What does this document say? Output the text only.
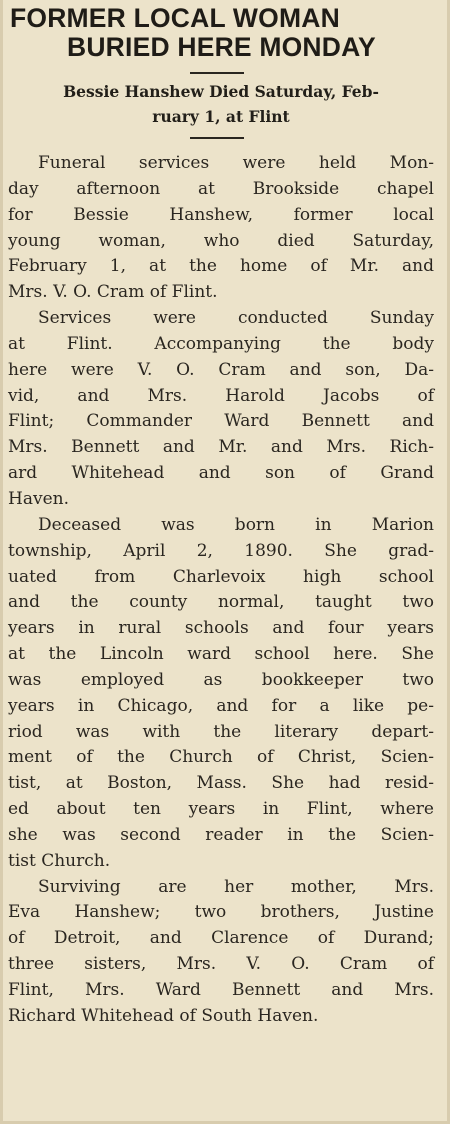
FORMER LOCAL WOMAN
BURIED HERE MONDAY
Bessie Hanshew Died Saturday, Feb-
ruary 1, at Flint
Funeral services were held Mon-
day afternoon at Brookside chapel
for Bessie Hanshew, former local
young woman, who died Saturday,
February 1, at the home of Mr. and
Mrs. V. O. Cram of Flint.
Services were conducted Sunday
at Flint. Accompanying the body
here were V. O. Cram and son, Da-
vid, and Mrs. Harold Jacobs of
Flint; Commander Ward Bennett and
Mrs. Bennett and Mr. and Mrs. Rich-
ard Whitehead and son of Grand
Haven.
Deceased was born in Marion
township, April 2, 1890. She grad-
uated from Charlevoix high school
and the county normal, taught two
years in rural schools and four years
at the Lincoln ward school here. She
was employed as bookkeeper two
years in Chicago, and for a like pe-
riod was with the literary depart-
ment of the Church of Christ, Scien-
tist, at Boston, Mass. She had resid-
ed about ten years in Flint, where
she was second reader in the Scien-
tist Church.
Surviving are her mother, Mrs.
Eva Hanshew; two brothers, Justine
of Detroit, and Clarence of Durand;
three sisters, Mrs. V. O. Cram of
Flint, Mrs. Ward Bennett and Mrs.
Richard Whitehead of South Haven.
